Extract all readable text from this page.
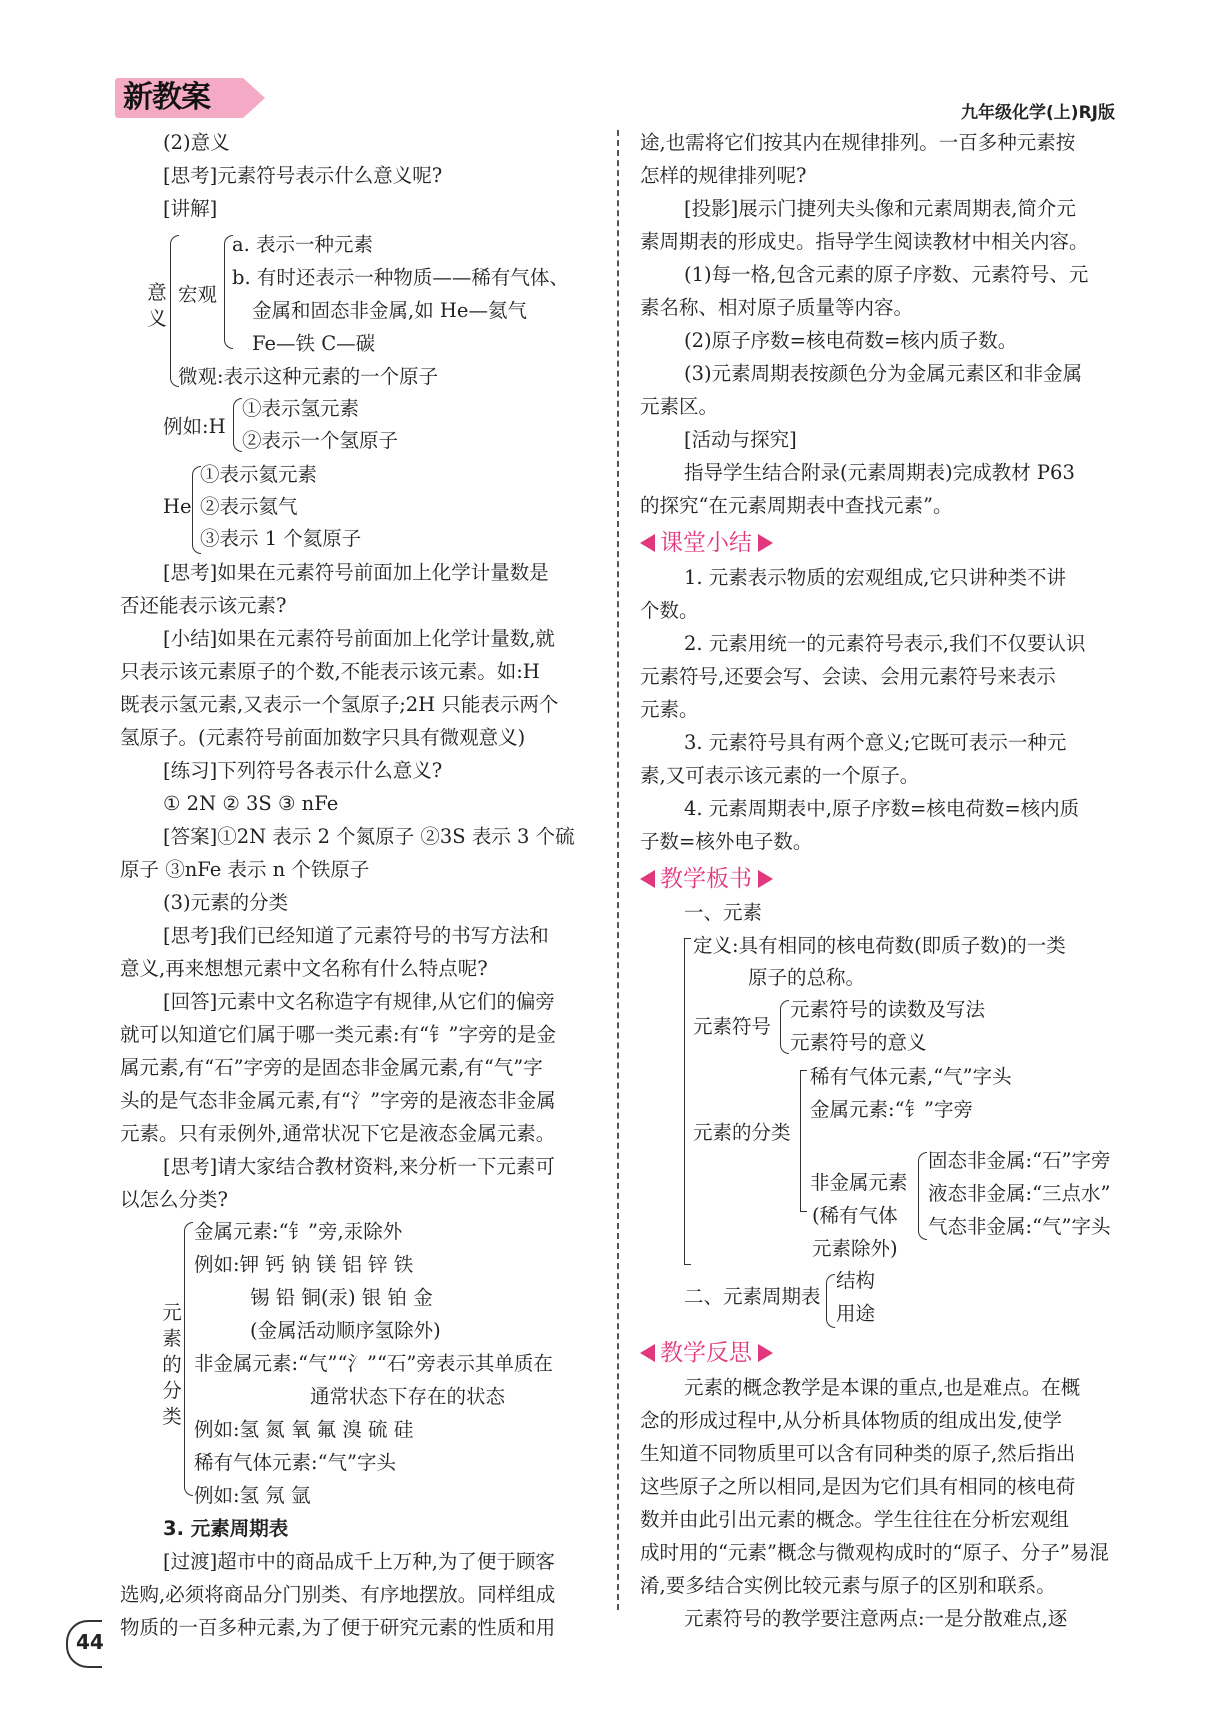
新教案	九年级化学(上)RJ版
(2)意义
[思考]元素符号表示什么意义呢?
[讲解]
意义
宏观
a. 表示一种元素
b. 有时还表示一种物质——稀有气体、
金属和固态非金属,如 He—氦气
Fe—铁 C—碳
微观:表示这种元素的一个原子
例如:H
①表示氢元素
②表示一个氢原子
He
①表示氦元素
②表示氦气
③表示 1 个氦原子
[思考]如果在元素符号前面加上化学计量数是
否还能表示该元素?
[小结]如果在元素符号前面加上化学计量数,就
只表示该元素原子的个数,不能表示该元素。如:H
既表示氢元素,又表示一个氢原子;2H 只能表示两个
氢原子。(元素符号前面加数字只具有微观意义)
[练习]下列符号各表示什么意义?
① 2N ② 3S ③ nFe
[答案]①2N 表示 2 个氮原子 ②3S 表示 3 个硫
原子 ③nFe 表示 n 个铁原子
(3)元素的分类
[思考]我们已经知道了元素符号的书写方法和
意义,再来想想元素中文名称有什么特点呢?
[回答]元素中文名称造字有规律,从它们的偏旁
就可以知道它们属于哪一类元素:有“钅”字旁的是金
属元素,有“石”字旁的是固态非金属元素,有“气”字
头的是气态非金属元素,有“氵”字旁的是液态非金属
元素。只有汞例外,通常状况下它是液态金属元素。
[思考]请大家结合教材资料,来分析一下元素可
以怎么分类?
元素的分类
金属元素:“钅”旁,汞除外
例如:钾 钙 钠 镁 铝 锌 铁
锡 铅 铜(汞) 银 铂 金
(金属活动顺序氢除外)
非金属元素:“气”“氵”“石”旁表示其单质在
通常状态下存在的状态
例如:氢 氮 氧 氟 溴 硫 硅
稀有气体元素:“气”字头
例如:氢 氖 氩
3. 元素周期表
[过渡]超市中的商品成千上万种,为了便于顾客
选购,必须将商品分门别类、有序地摆放。同样组成
物质的一百多种元素,为了便于研究元素的性质和用
44
途,也需将它们按其内在规律排列。一百多种元素按
怎样的规律排列呢?
[投影]展示门捷列夫头像和元素周期表,简介元
素周期表的形成史。指导学生阅读教材中相关内容。
(1)每一格,包含元素的原子序数、元素符号、元
素名称、相对原子质量等内容。
(2)原子序数=核电荷数=核内质子数。
(3)元素周期表按颜色分为金属元素区和非金属
元素区。
[活动与探究]
指导学生结合附录(元素周期表)完成教材 P63
的探究“在元素周期表中查找元素”。
课堂小结
1. 元素表示物质的宏观组成,它只讲种类不讲
个数。
2. 元素用统一的元素符号表示,我们不仅要认识
元素符号,还要会写、会读、会用元素符号来表示
元素。
3. 元素符号具有两个意义;它既可表示一种元
素,又可表示该元素的一个原子。
4. 元素周期表中,原子序数=核电荷数=核内质
子数=核外电子数。
教学板书
一、元素
定义:具有相同的核电荷数(即质子数)的一类
原子的总称。
元素符号
元素符号的读数及写法
元素符号的意义
元素的分类
稀有气体元素,“气”字头
金属元素:“钅”字旁
非金属元素
(稀有气体
元素除外)
固态非金属:“石”字旁
液态非金属:“三点水”
气态非金属:“气”字头
二、元素周期表
结构
用途
教学反思
元素的概念教学是本课的重点,也是难点。在概
念的形成过程中,从分析具体物质的组成出发,使学
生知道不同物质里可以含有同种类的原子,然后指出
这些原子之所以相同,是因为它们具有相同的核电荷
数并由此引出元素的概念。学生往往在分析宏观组
成时用的“元素”概念与微观构成时的“原子、分子”易混
淆,要多结合实例比较元素与原子的区别和联系。
元素符号的教学要注意两点:一是分散难点,逐
